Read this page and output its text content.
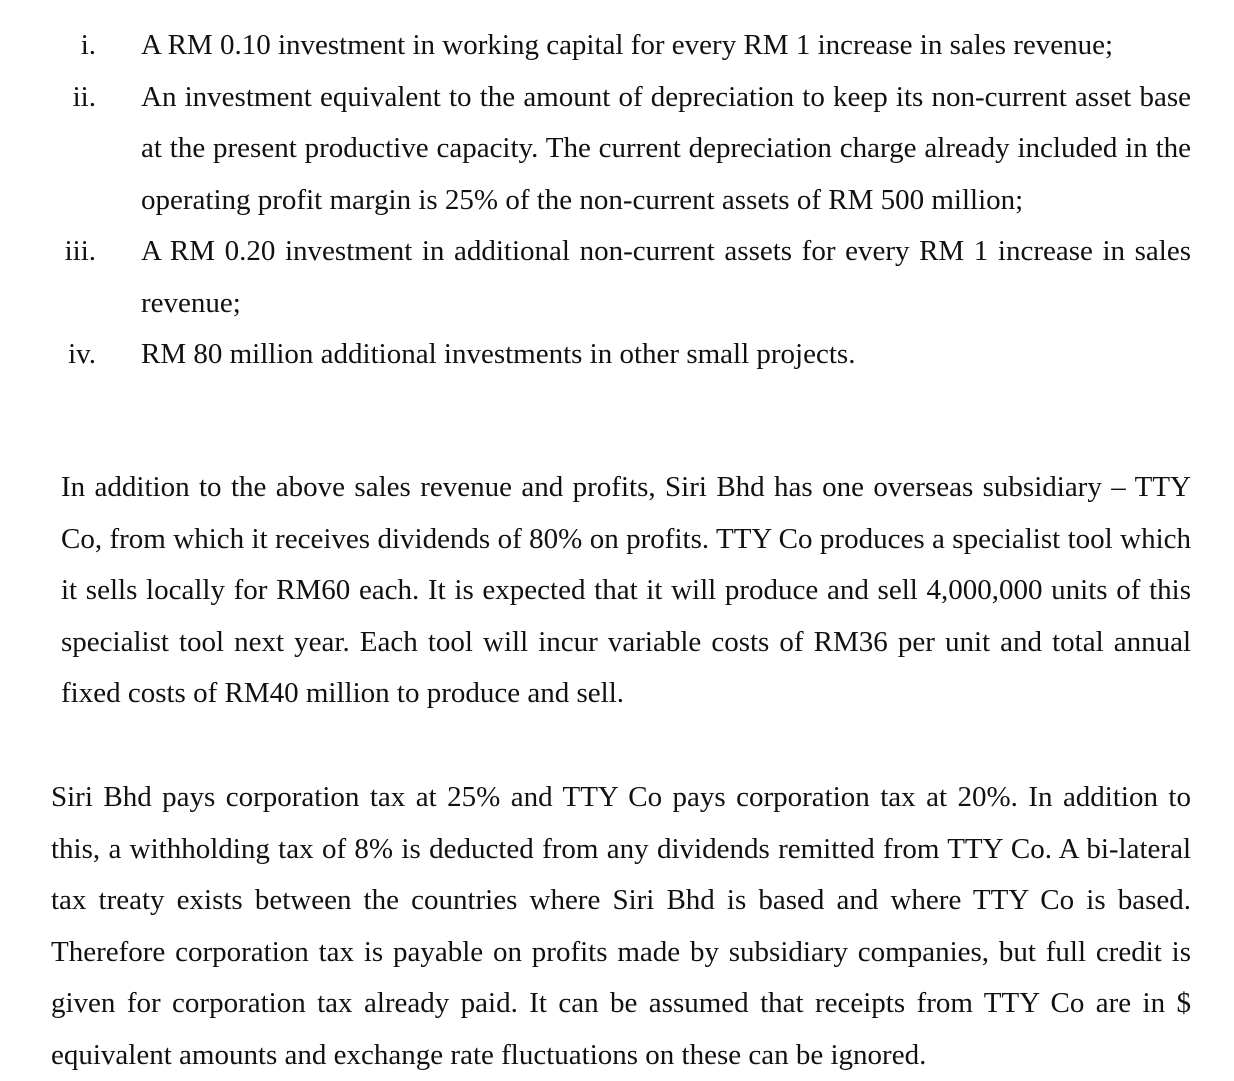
i. A RM 0.10 investment in working capital for every RM 1 increase in sales revenue;
ii. An investment equivalent to the amount of depreciation to keep its non-current asset base at the present productive capacity. The current depreciation charge already included in the operating profit margin is 25% of the non-current assets of RM 500 million;
iii. A RM 0.20 investment in additional non-current assets for every RM 1 increase in sales revenue;
iv. RM 80 million additional investments in other small projects.

In addition to the above sales revenue and profits, Siri Bhd has one overseas subsidiary – TTY Co, from which it receives dividends of 80% on profits. TTY Co produces a specialist tool which it sells locally for RM60 each. It is expected that it will produce and sell 4,000,000 units of this specialist tool next year. Each tool will incur variable costs of RM36 per unit and total annual fixed costs of RM40 million to produce and sell.

Siri Bhd pays corporation tax at 25% and TTY Co pays corporation tax at 20%. In addition to this, a withholding tax of 8% is deducted from any dividends remitted from TTY Co. A bi-lateral tax treaty exists between the countries where Siri Bhd is based and where TTY Co is based. Therefore corporation tax is payable on profits made by subsidiary companies, but full credit is given for corporation tax already paid. It can be assumed that receipts from TTY Co are in $ equivalent amounts and exchange rate fluctuations on these can be ignored.
